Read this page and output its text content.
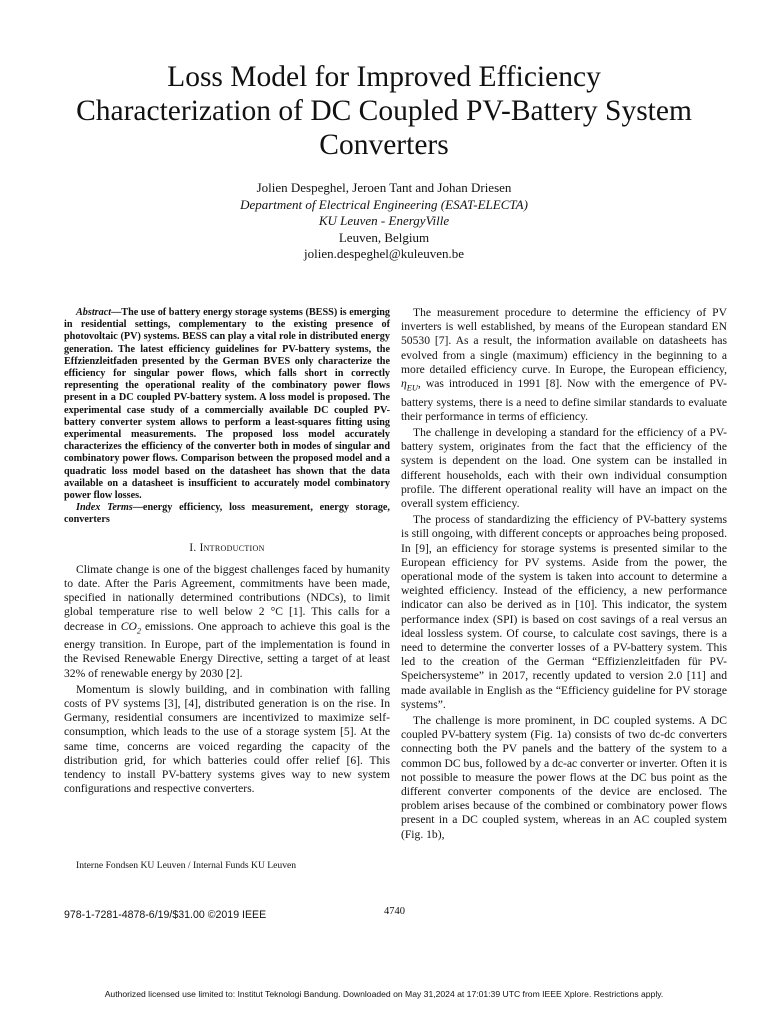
Loss Model for Improved Efficiency
Characterization of DC Coupled PV-Battery System
Converters
Jolien Despeghel, Jeroen Tant and Johan Driesen
Department of Electrical Engineering (ESAT-ELECTA)
KU Leuven - EnergyVille
Leuven, Belgium
jolien.despeghel@kuleuven.be
Abstract—The use of battery energy storage systems (BESS) is emerging in residential settings, complementary to the existing presence of photovoltaic (PV) systems. BESS can play a vital role in distributed energy generation. The latest efficiency guidelines for PV-battery systems, the Effzienzleitfaden presented by the German BVES only characterize the efficiency for singular power flows, which falls short in correctly representing the operational reality of the combinatory power flows present in a DC coupled PV-battery system. A loss model is proposed. The experimental case study of a commercially available DC coupled PV-battery converter system allows to perform a least-squares fitting using experimental measurements. The proposed loss model accurately characterizes the efficiency of the converter both in modes of singular and combinatory power flows. Comparison between the proposed model and a quadratic loss model based on the datasheet has shown that the data available on a datasheet is insufficient to accurately model combinatory power flow losses.
Index Terms—energy efficiency, loss measurement, energy storage, converters
I. Introduction

Climate change is one of the biggest challenges faced by humanity to date. After the Paris Agreement, commitments have been made, specified in nationally determined contributions (NDCs), to limit global temperature rise to well below 2 °C [1]. This calls for a decrease in $CO_2$ emissions. One approach to achieve this goal is the energy transition. In Europe, part of the implementation is found in the Revised Renewable Energy Directive, setting a target of at least 32% of renewable energy by 2030 [2].

Momentum is slowly building, and in combination with falling costs of PV systems [3], [4], distributed generation is on the rise. In Germany, residential consumers are incentivized to maximize self-consumption, which leads to the use of a storage system [5]. At the same time, concerns are voiced regarding the capacity of the distribution grid, for which batteries could offer relief [6]. This tendency to install PV-battery systems gives way to new system configurations and respective converters.

Interne Fondsen KU Leuven / Internal Funds KU Leuven

The measurement procedure to determine the efficiency of PV inverters is well established, by means of the European standard EN 50530 [7]. As a result, the information available on datasheets has evolved from a single (maximum) efficiency in the beginning to a more detailed efficiency curve. In Europe, the European efficiency, $\eta_{EU}$, was introduced in 1991 [8]. Now with the emergence of PV-battery systems, there is a need to define similar standards to evaluate their performance in terms of efficiency.

The challenge in developing a standard for the efficiency of a PV-battery system, originates from the fact that the efficiency of the system is dependent on the load. One system can be installed in different households, each with their own individual consumption profile. The different operational reality will have an impact on the overall system efficiency.

The process of standardizing the efficiency of PV-battery systems is still ongoing, with different concepts or approaches being proposed. In [9], an efficiency for storage systems is presented similar to the European efficiency for PV systems. Aside from the power, the operational mode of the system is taken into account to determine a weighted efficiency. Instead of the efficiency, a new performance indicator can also be derived as in [10]. This indicator, the system performance index (SPI) is based on cost savings of a real versus an ideal lossless system. Of course, to calculate cost savings, there is a need to determine the converter losses of a PV-battery system. This led to the creation of the German “Effizienzleitfaden für PV-Speichersysteme” in 2017, recently updated to version 2.0 [11] and made available in English as the “Efficiency guideline for PV storage systems”.

The challenge is more prominent, in DC coupled systems. A DC coupled PV-battery system (Fig. 1a) consists of two dc-dc converters connecting both the PV panels and the battery of the system to a common DC bus, followed by a dc-ac converter or inverter. Often it is not possible to measure the power flows at the DC bus point as the different converter components of the device are enclosed. The problem arises because of the combined or combinatory power flows present in a DC coupled system, whereas in an AC coupled system (Fig. 1b),

978-1-7281-4878-6/19/$31.00 ©2019 IEEE	4740
Authorized licensed use limited to: Institut Teknologi Bandung. Downloaded on May 31,2024 at 17:01:39 UTC from IEEE Xplore. Restrictions apply.
